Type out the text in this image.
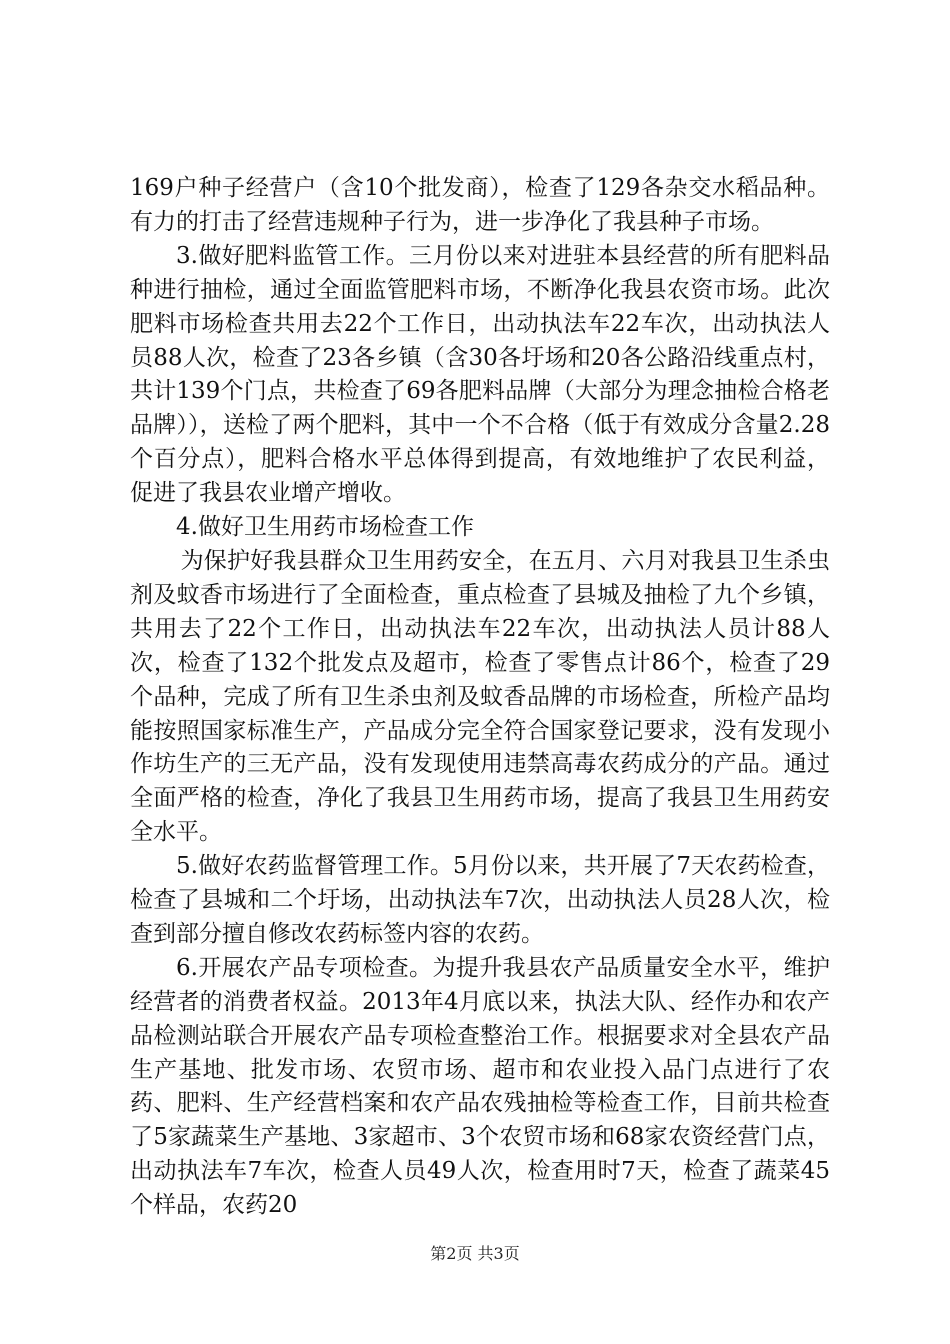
169户种子经营户（含10个批发商），检查了129各杂交水稻品种。有力的打击了经营违规种子行为，进一步净化了我县种子市场。

3.做好肥料监管工作。三月份以来对进驻本县经营的所有肥料品种进行抽检，通过全面监管肥料市场，不断净化我县农资市场。此次肥料市场检查共用去22个工作日，出动执法车22车次，出动执法人员88人次，检查了23各乡镇（含30各圩场和20各公路沿线重点村，共计139个门点，共检查了69各肥料品牌（大部分为理念抽检合格老品牌）），送检了两个肥料，其中一个不合格（低于有效成分含量2.28个百分点），肥料合格水平总体得到提高，有效地维护了农民利益，促进了我县农业增产增收。

4.做好卫生用药市场检查工作

为保护好我县群众卫生用药安全，在五月、六月对我县卫生杀虫剂及蚊香市场进行了全面检查，重点检查了县城及抽检了九个乡镇，共用去了22个工作日，出动执法车22车次，出动执法人员计88人次，检查了132个批发点及超市，检查了零售点计86个，检查了29个品种，完成了所有卫生杀虫剂及蚊香品牌的市场检查，所检产品均能按照国家标准生产，产品成分完全符合国家登记要求，没有发现小作坊生产的三无产品，没有发现使用违禁高毒农药成分的产品。通过全面严格的检查，净化了我县卫生用药市场，提高了我县卫生用药安全水平。

5.做好农药监督管理工作。5月份以来，共开展了7天农药检查，检查了县城和二个圩场，出动执法车7次，出动执法人员28人次，检查到部分擅自修改农药标签内容的农药。

6.开展农产品专项检查。为提升我县农产品质量安全水平，维护经营者的消费者权益。2013年4月底以来，执法大队、经作办和农产品检测站联合开展农产品专项检查整治工作。根据要求对全县农产品生产基地、批发市场、农贸市场、超市和农业投入品门点进行了农药、肥料、生产经营档案和农产品农残抽检等检查工作，目前共检查了5家蔬菜生产基地、3家超市、3个农贸市场和68家农资经营门点，出动执法车7车次，检查人员49人次，检查用时7天，检查了蔬菜45个样品，农药20

第2页 共3页
